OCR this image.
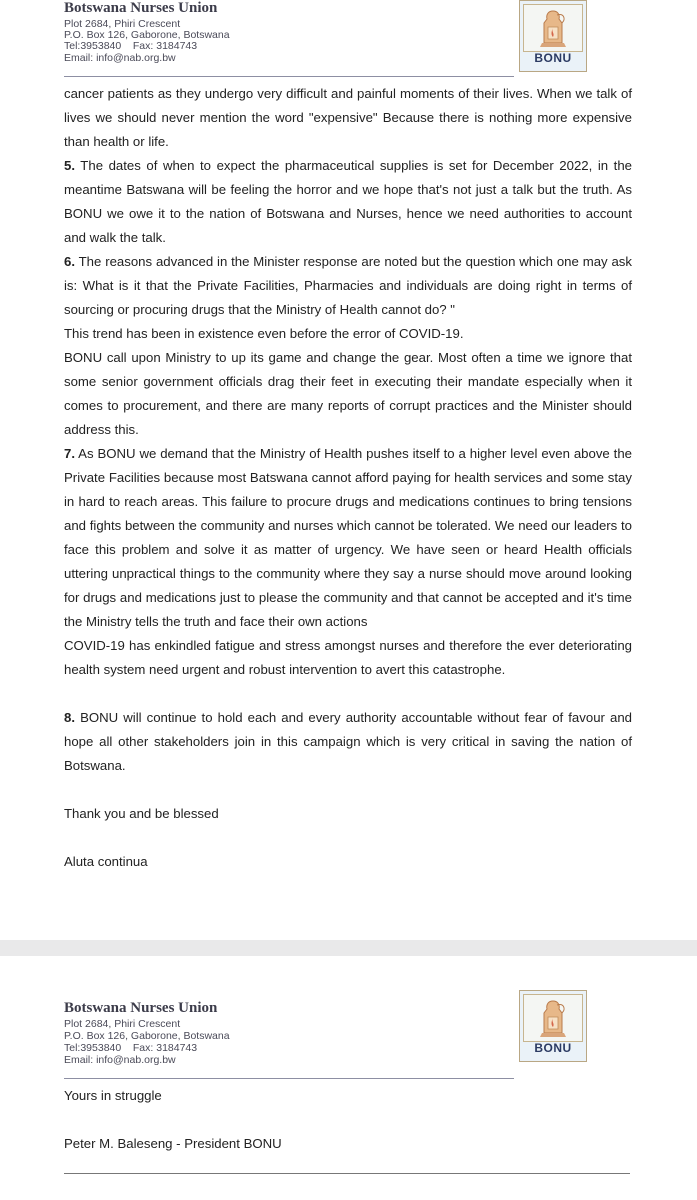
Botswana Nurses Union
Plot 2684, Phiri Crescent
P.O. Box 126, Gaborone, Botswana
Tel:3953840    Fax: 3184743
Email: info@nab.org.bw	BONU

cancer patients as they undergo very difficult and painful moments of their lives. When we talk of lives we should never mention the word "expensive" Because there is nothing more expensive than health or life.

5. The dates of when to expect the pharmaceutical supplies is set for December 2022, in the meantime Batswana will be feeling the horror and we hope that's not just a talk but the truth. As BONU we owe it to the nation of Botswana and Nurses, hence we need authorities to account and walk the talk.

6. The reasons advanced in the Minister response are noted but the question which one may ask is: What is it that the Private Facilities, Pharmacies and individuals are doing right in terms of sourcing or procuring drugs that the Ministry of Health cannot do? "

This trend has been in existence even before the error of COVID-19.

BONU call upon Ministry to up its game and change the gear. Most often a time we ignore that some senior government officials drag their feet in executing their mandate especially when it comes to procurement, and there are many reports of corrupt practices and the Minister should address this.

7. As BONU we demand that the Ministry of Health pushes itself to a higher level even above the Private Facilities because most Batswana cannot afford paying for health services and some stay in hard to reach areas. This failure to procure drugs and medications continues to bring tensions and fights between the community and nurses which cannot be tolerated. We need our leaders to face this problem and solve it as matter of urgency. We have seen or heard Health officials uttering unpractical things to the community where they say a nurse should move around looking for drugs and medications just to please the community and that cannot be accepted and it's time the Ministry tells the truth and face their own actions

COVID-19 has enkindled fatigue and stress amongst nurses and therefore the ever deteriorating health system need urgent and robust intervention to avert this catastrophe.

8. BONU will continue to hold each and every authority accountable without fear of favour and hope all other stakeholders join in this campaign which is very critical in saving the nation of Botswana.

Thank you and be blessed

Aluta continua

Botswana Nurses Union
Plot 2684, Phiri Crescent
P.O. Box 126, Gaborone, Botswana
Tel:3953840    Fax: 3184743
Email: info@nab.org.bw
BONU

Yours in struggle

Peter M. Baleseng - President BONU
